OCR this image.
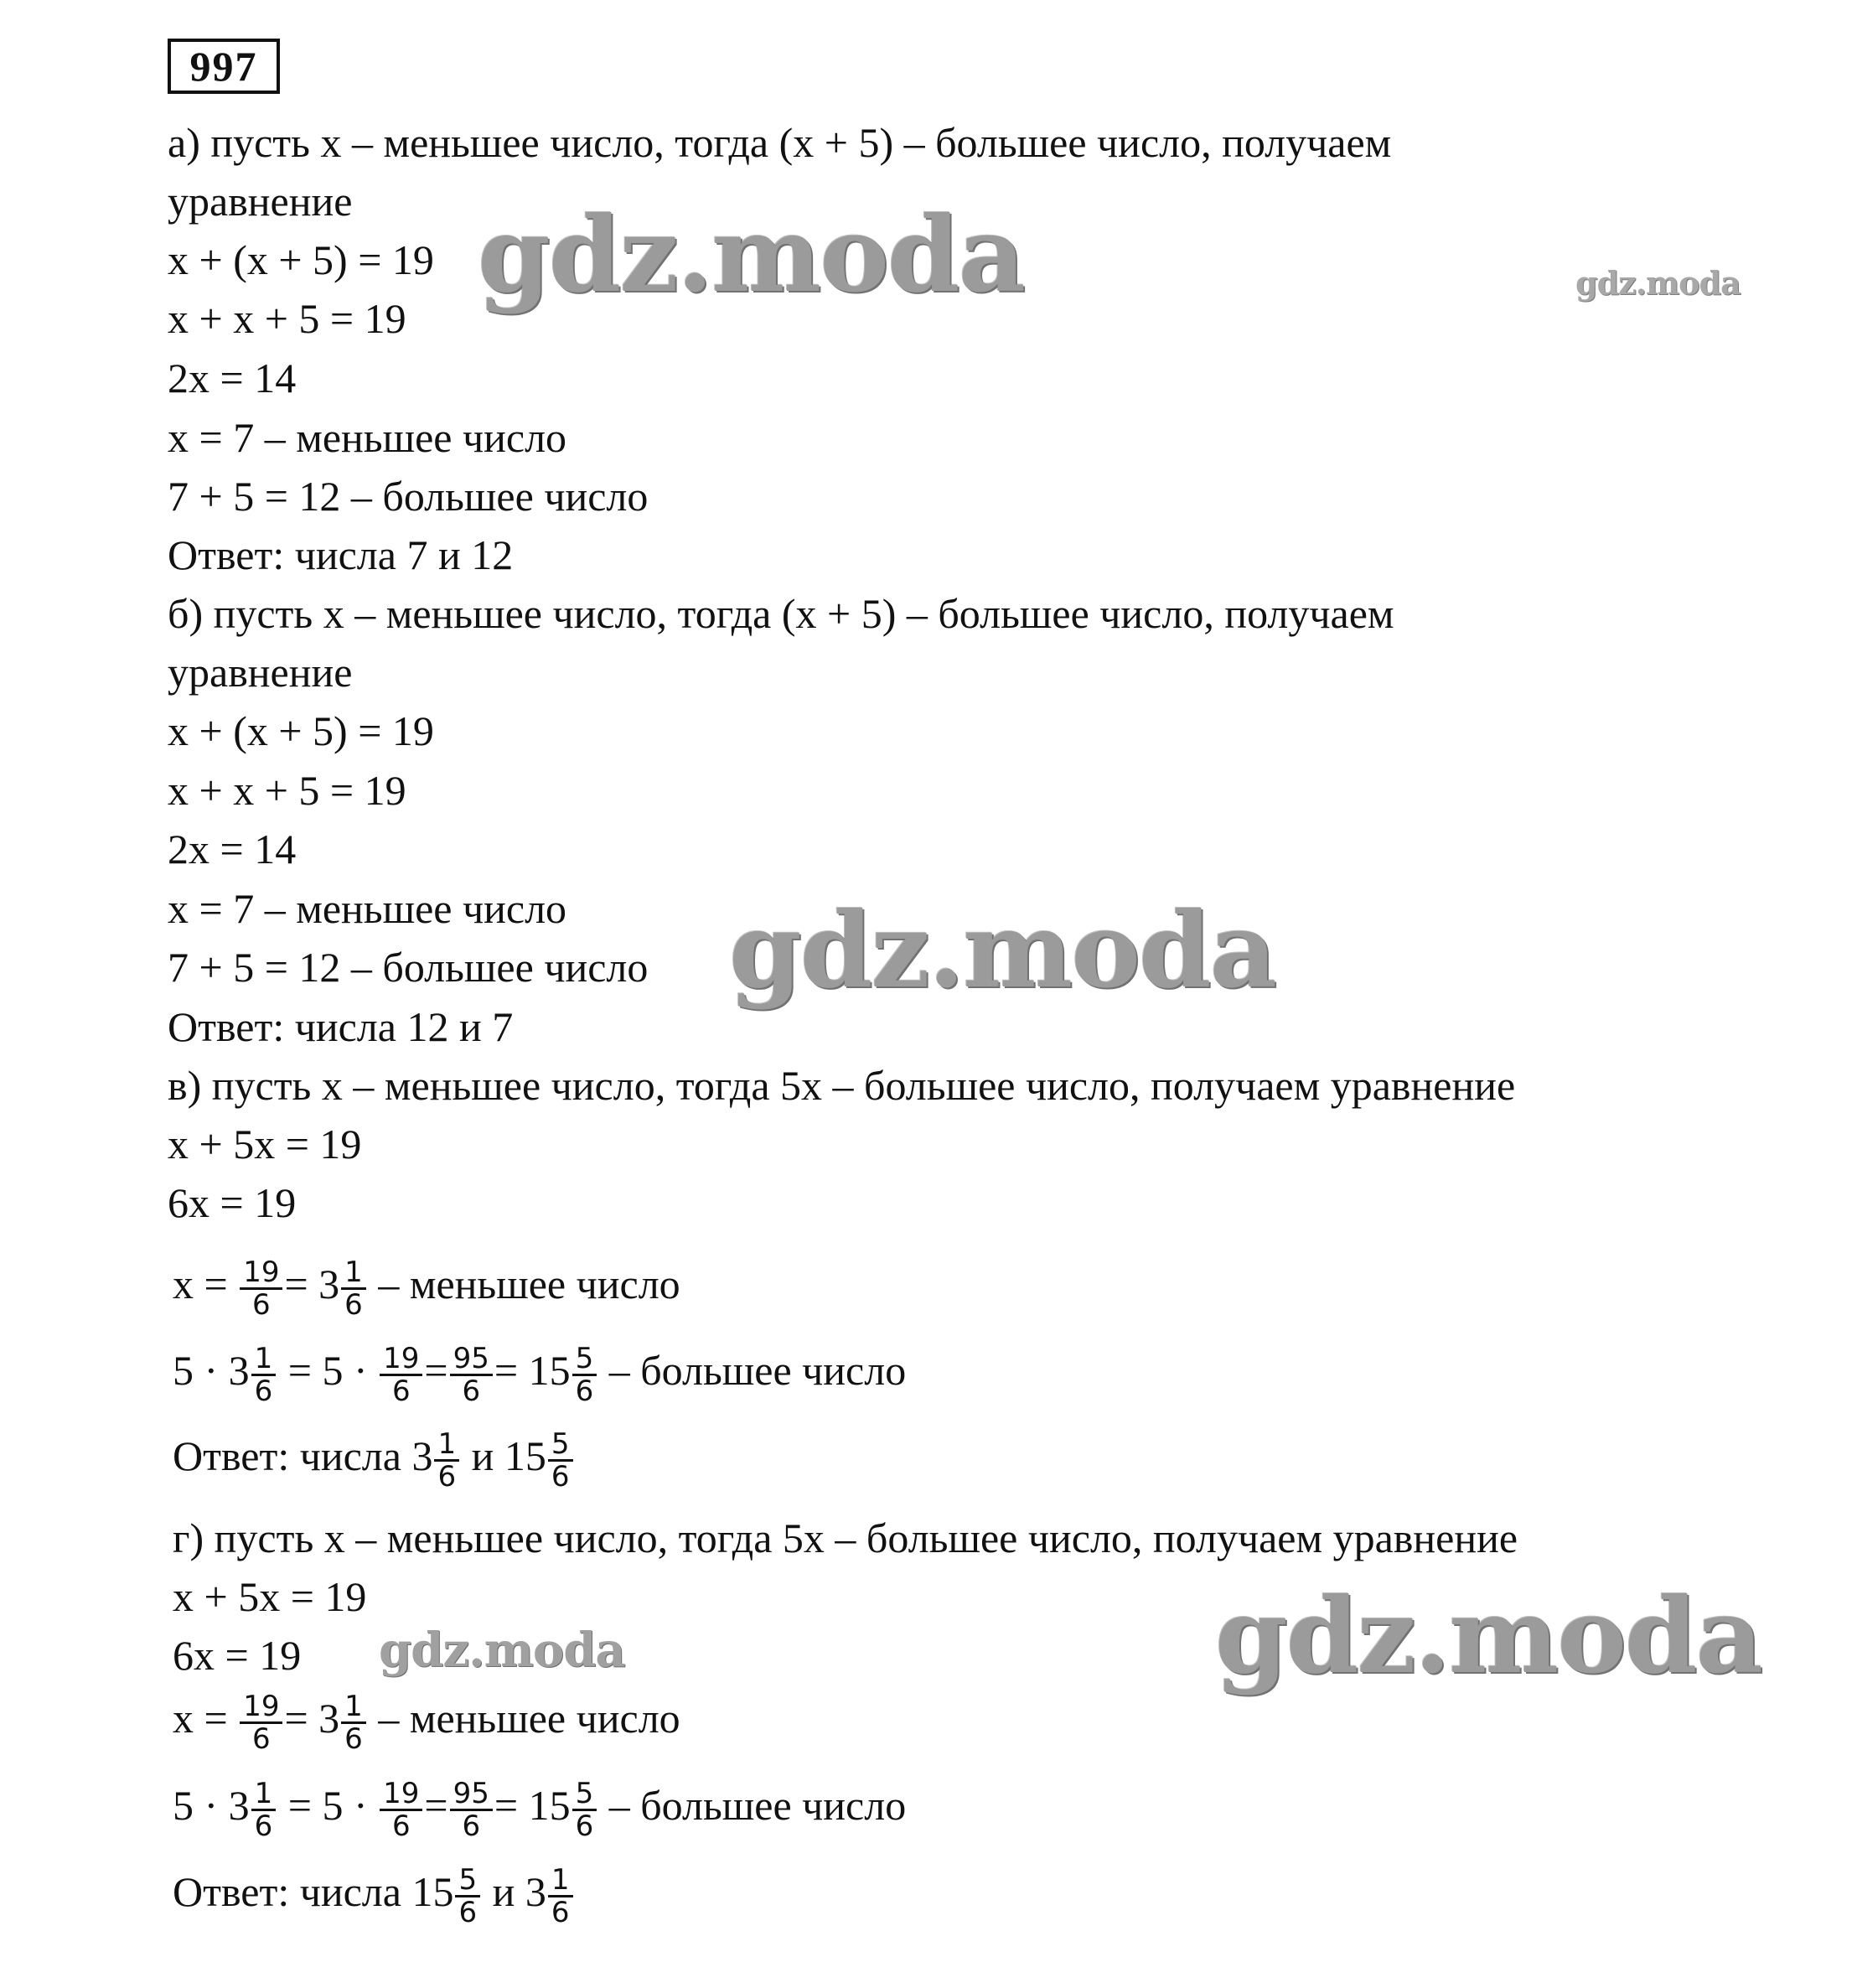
997
а) пусть х – меньшее число, тогда (х + 5) – большее число, получаем
уравнение
х + (х + 5) = 19
х + х + 5 = 19
2х = 14
х = 7 – меньшее число
7 + 5 = 12 – большее число
Ответ: числа 7 и 12
б) пусть х – меньшее число, тогда (х + 5) – большее число, получаем
уравнение
х + (х + 5) = 19
х + х + 5 = 19
2х = 14
х = 7 – меньшее число
7 + 5 = 12 – большее число
Ответ: числа 12 и 7
в) пусть х – меньшее число, тогда 5х – большее число, получаем уравнение
х + 5х = 19
6х = 19
$х = \frac{19}{6} = 3 \frac{1}{6}$ – меньшее число
$5 \cdot 3 \frac{1}{6} = 5 \cdot \frac{19}{6} = \frac{95}{6} = 15 \frac{5}{6}$ – большее число
Ответ: числа $3 \frac{1}{6}$ и $15 \frac{5}{6}$
г) пусть х – меньшее число, тогда 5х – большее число, получаем уравнение
х + 5х = 19
6х = 19
$х = \frac{19}{6} = 3 \frac{1}{6}$ – меньшее число
$5 \cdot 3 \frac{1}{6} = 5 \cdot \frac{19}{6} = \frac{95}{6} = 15 \frac{5}{6}$ – большее число
Ответ: числа $15 \frac{5}{6}$ и $3 \frac{1}{6}$
gdz.moda	gdz.moda
gdz.moda
gdz.moda	gdz.moda
